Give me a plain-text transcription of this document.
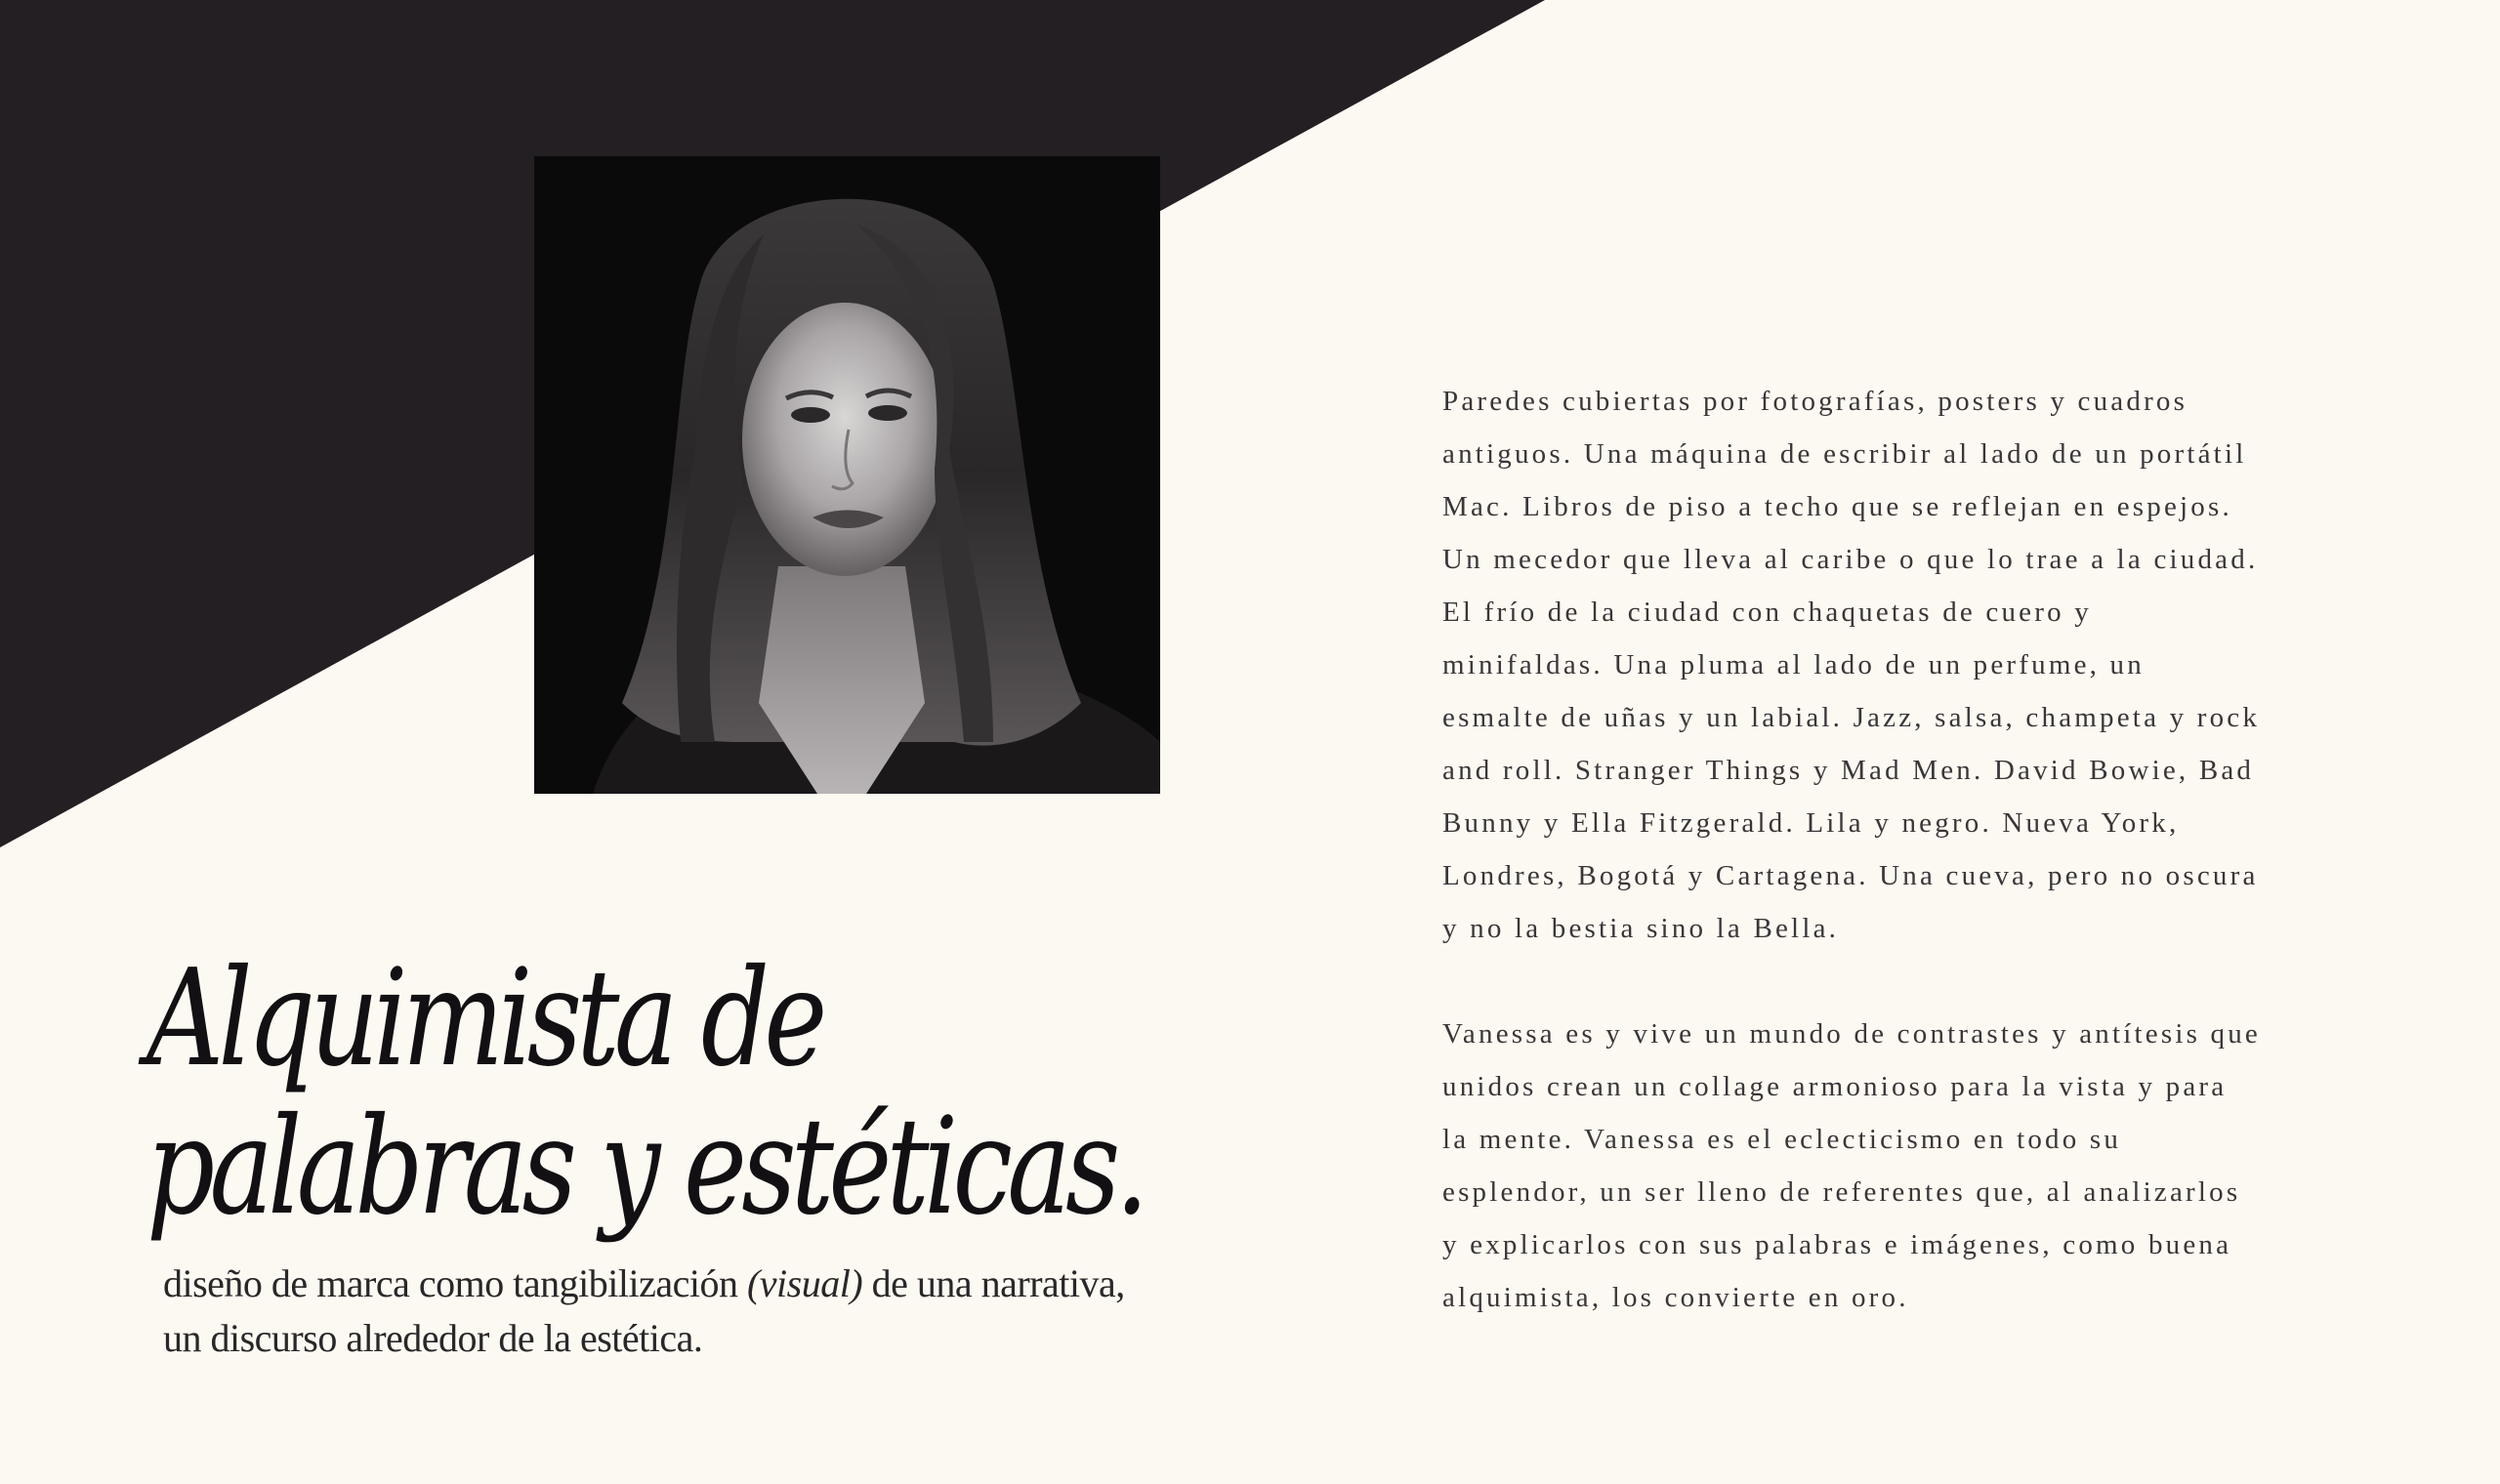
Alquimista de
palabras y estéticas.

diseño de marca como tangibilización (visual) de una narrativa,
un discurso alrededor de la estética.

Paredes cubiertas por fotografías, posters y cuadros
antiguos. Una máquina de escribir al lado de un portátil
Mac. Libros de piso a techo que se reflejan en espejos.
Un mecedor que lleva al caribe o que lo trae a la ciudad.
El frío de la ciudad con chaquetas de cuero y
minifaldas. Una pluma al lado de un perfume, un
esmalte de uñas y un labial. Jazz, salsa, champeta y rock
and roll. Stranger Things y Mad Men. David Bowie, Bad
Bunny y Ella Fitzgerald. Lila y negro. Nueva York,
Londres, Bogotá y Cartagena. Una cueva, pero no oscura
y no la bestia sino la Bella.
Vanessa es y vive un mundo de contrastes y antítesis que
unidos crean un collage armonioso para la vista y para
la mente. Vanessa es el eclecticismo en todo su
esplendor, un ser lleno de referentes que, al analizarlos
y explicarlos con sus palabras e imágenes, como buena
alquimista, los convierte en oro.
